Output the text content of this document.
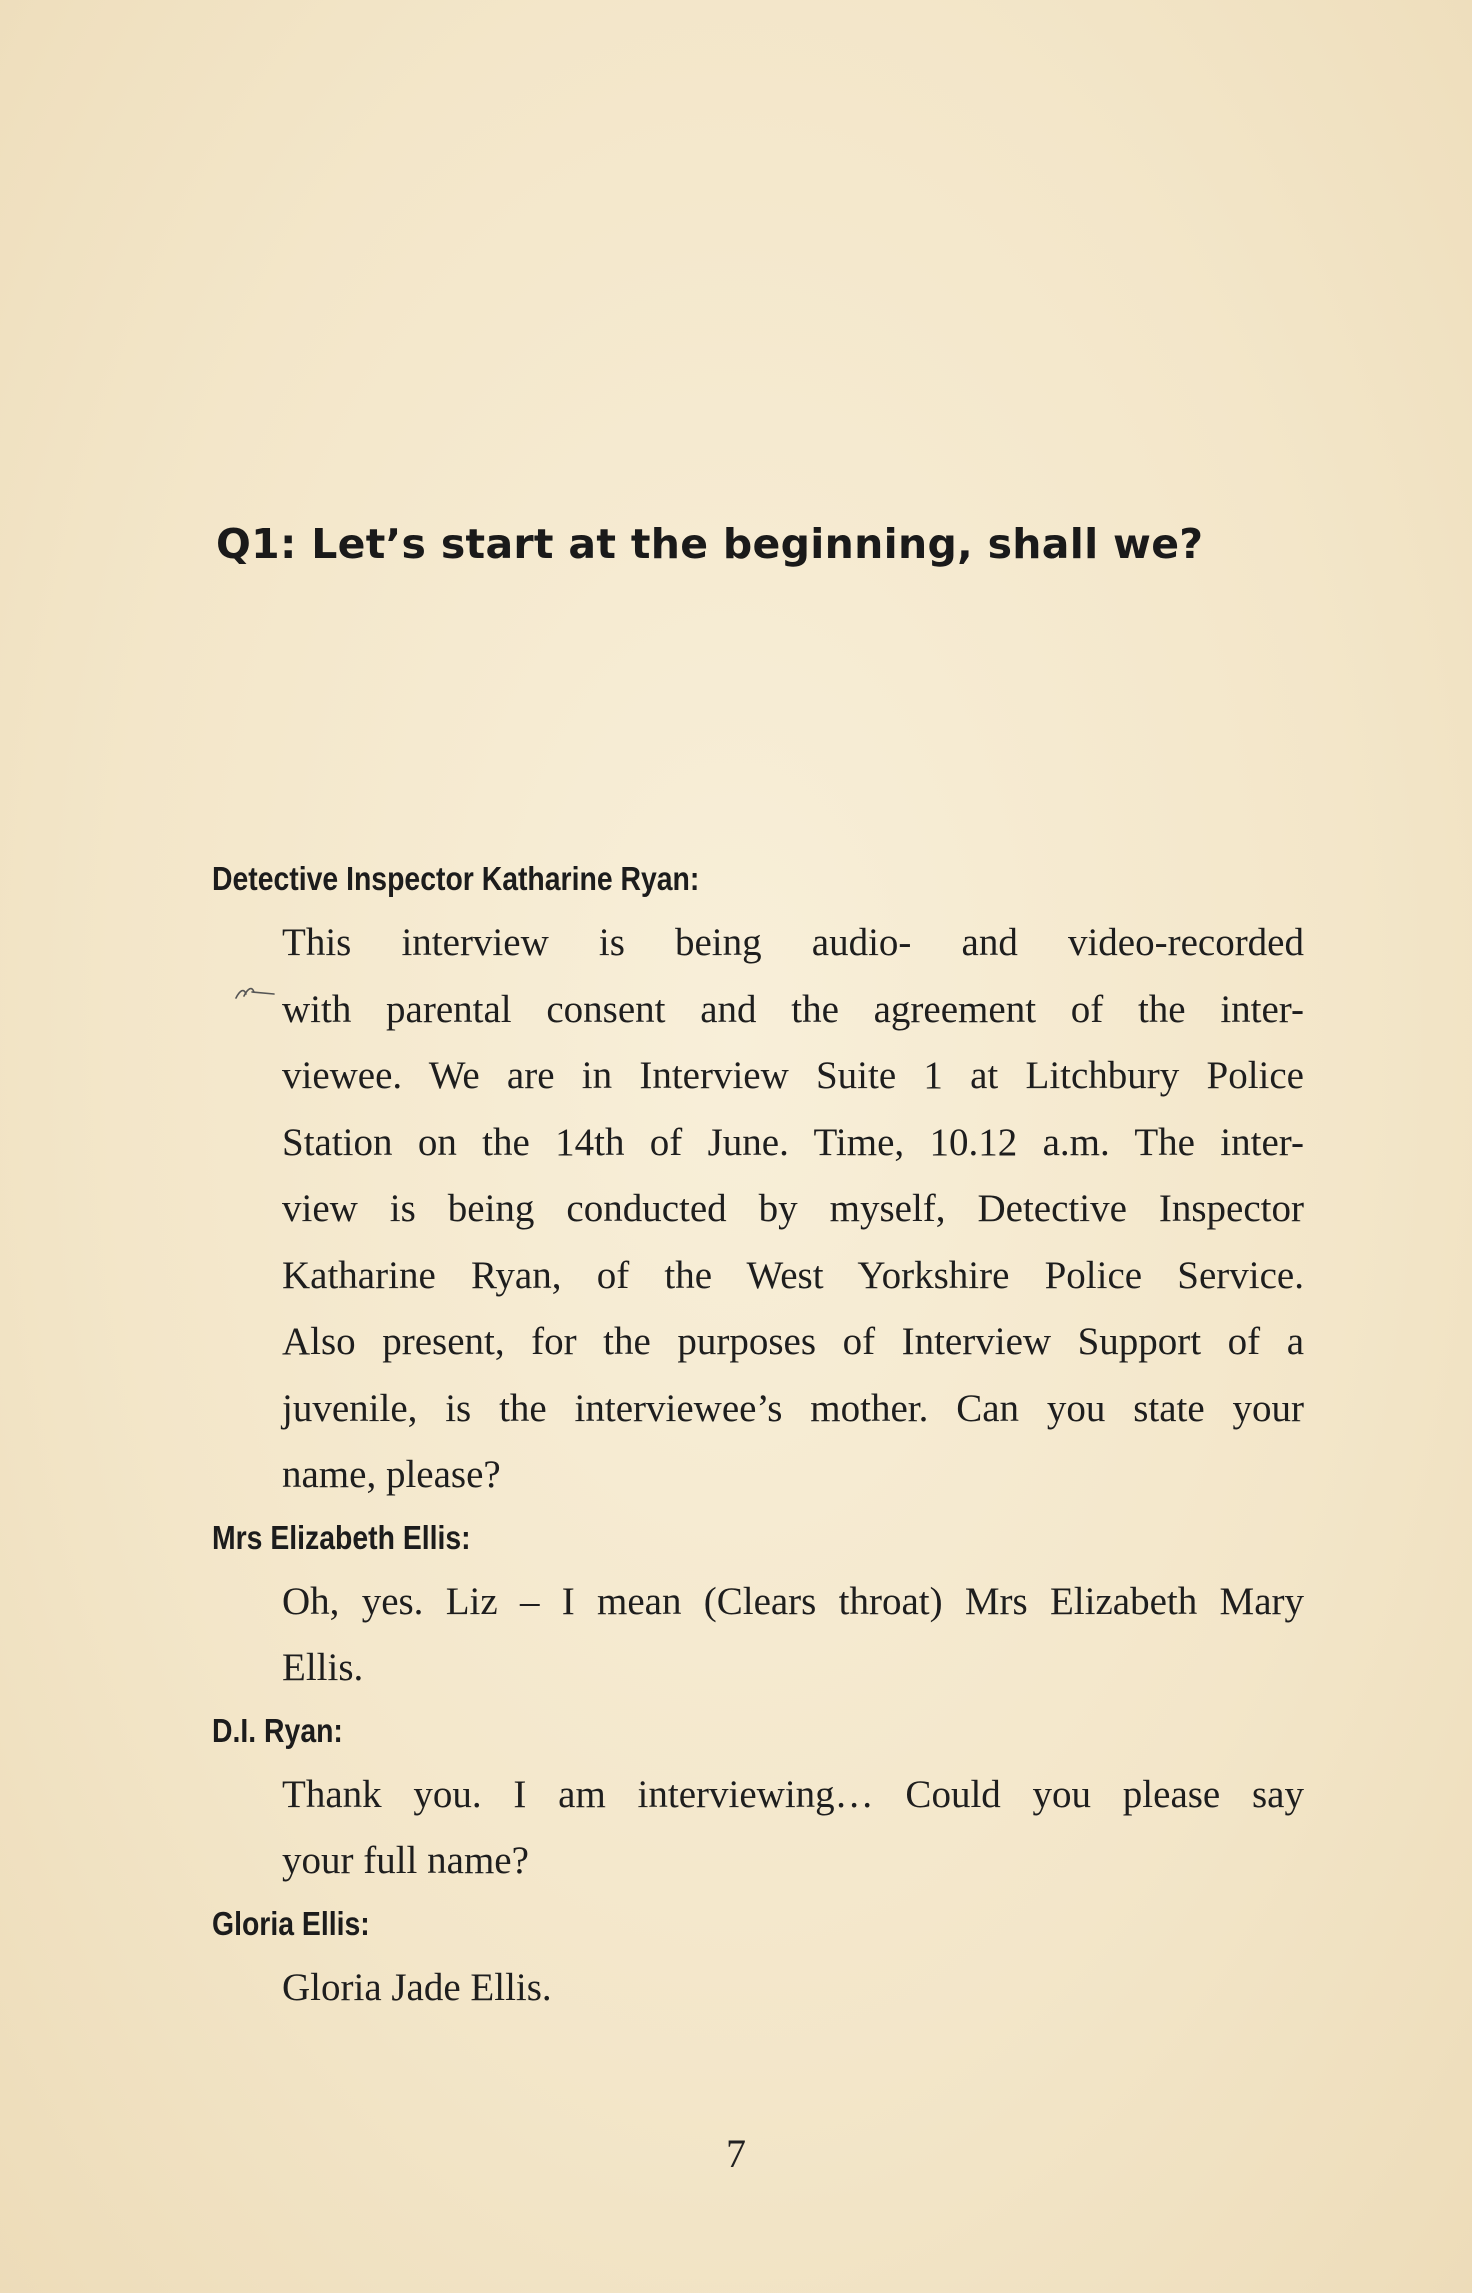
Q1: Let’s start at the beginning, shall we?

Detective Inspector Katharine Ryan:

This interview is being audio- and video-recorded
with parental consent and the agreement of the inter-
viewee. We are in Interview Suite 1 at Litchbury Police
Station on the 14th of June. Time, 10.12 a.m. The inter-
view is being conducted by myself, Detective Inspector
Katharine Ryan, of the West Yorkshire Police Service.
Also present, for the purposes of Interview Support of a
juvenile, is the interviewee’s mother. Can you state your
name, please?

Mrs Elizabeth Ellis:

Oh, yes. Liz – I mean (Clears throat) Mrs Elizabeth Mary
Ellis.

D.I. Ryan:

Thank you. I am interviewing… Could you please say
your full name?

Gloria Ellis:

Gloria Jade Ellis.
7
